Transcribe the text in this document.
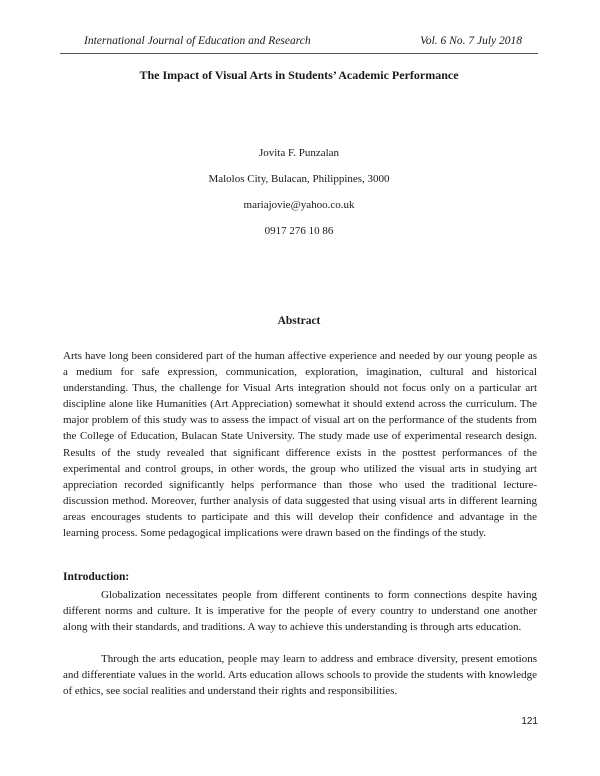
International Journal of Education and Research	Vol. 6 No. 7 July 2018
The Impact of Visual Arts in Students’ Academic Performance
Jovita F. Punzalan
Malolos City, Bulacan, Philippines, 3000
mariajovie@yahoo.co.uk
0917 276 10 86
Abstract

Arts have long been considered part of the human affective experience and needed by our young people as a medium for safe expression, communication, exploration, imagination, cultural and historical understanding. Thus, the challenge for Visual Arts integration should not focus only on a particular art discipline alone like Humanities (Art Appreciation) somewhat it should extend across the curriculum. The major problem of this study was to assess the impact of visual art on the performance of the students from the College of Education, Bulacan State University. The study made use of experimental research design. Results of the study revealed that significant difference exists in the posttest performances of the experimental and control groups, in other words, the group who utilized the visual arts in studying art appreciation recorded significantly helps performance than those who used the traditional lecture-discussion method. Moreover, further analysis of data suggested that using visual arts in different learning areas encourages students to participate and this will develop their confidence and advantage in the learning process. Some pedagogical implications were drawn based on the findings of the study.

Introduction:

Globalization necessitates people from different continents to form connections despite having different norms and culture. It is imperative for the people of every country to understand one another along with their standards, and traditions. A way to achieve this understanding is through arts education.

Through the arts education, people may learn to address and embrace diversity, present emotions and differentiate values in the world. Arts education allows schools to provide the students with knowledge of ethics, see social realities and understand their rights and responsibilities.

121
